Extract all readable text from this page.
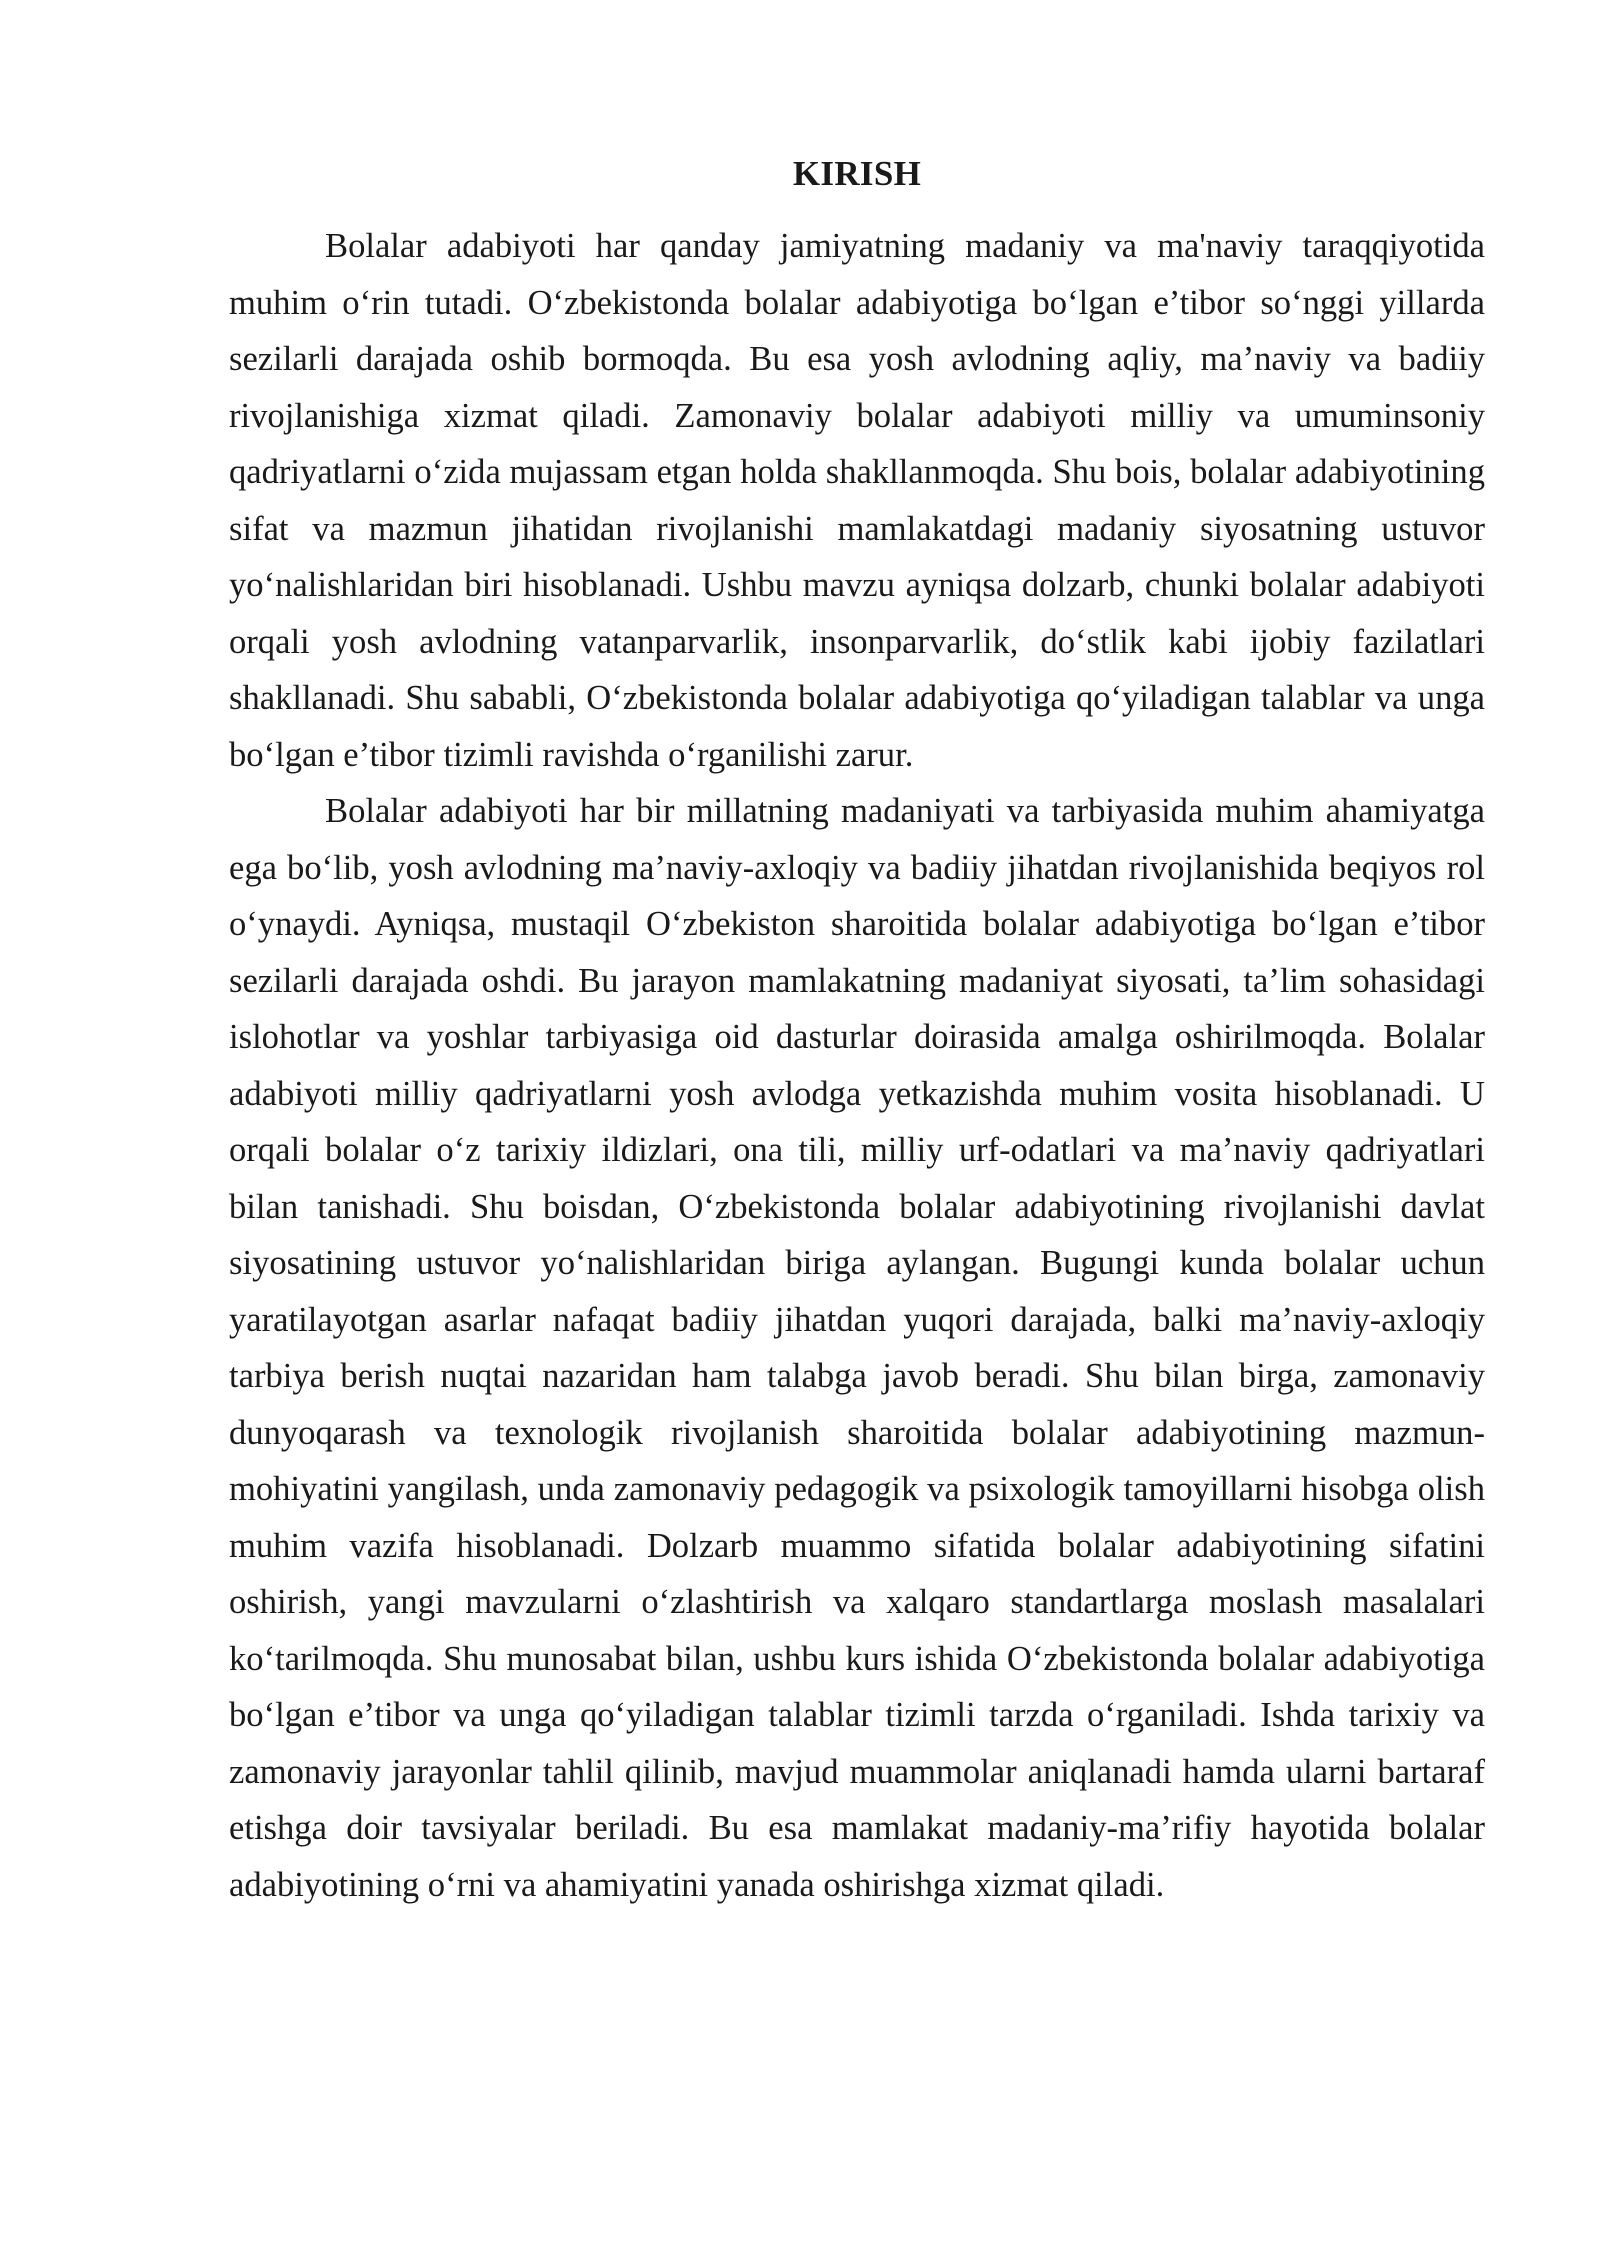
KIRISH

Bolalar adabiyoti har qanday jamiyatning madaniy va ma'naviy taraqqiyotida muhim o‘rin tutadi. O‘zbekistonda bolalar adabiyotiga bo‘lgan e’tibor so‘nggi yillarda sezilarli darajada oshib bormoqda. Bu esa yosh avlodning aqliy, ma’naviy va badiiy rivojlanishiga xizmat qiladi. Zamonaviy bolalar adabiyoti milliy va umuminsoniy qadriyatlarni o‘zida mujassam etgan holda shakllanmoqda. Shu bois, bolalar adabiyotining sifat va mazmun jihatidan rivojlanishi mamlakatdagi madaniy siyosatning ustuvor yo‘nalishlaridan biri hisoblanadi. Ushbu mavzu ayniqsa dolzarb, chunki bolalar adabiyoti orqali yosh avlodning vatanparvarlik, insonparvarlik, do‘stlik kabi ijobiy fazilatlari shakllanadi. Shu sababli, O‘zbekistonda bolalar adabiyotiga qo‘yiladigan talablar va unga bo‘lgan e’tibor tizimli ravishda o‘rganilishi zarur.

Bolalar adabiyoti har bir millatning madaniyati va tarbiyasida muhim ahamiyatga ega bo‘lib, yosh avlodning ma’naviy-axloqiy va badiiy jihatdan rivojlanishida beqiyos rol o‘ynaydi. Ayniqsa, mustaqil O‘zbekiston sharoitida bolalar adabiyotiga bo‘lgan e’tibor sezilarli darajada oshdi. Bu jarayon mamlakatning madaniyat siyosati, ta’lim sohasidagi islohotlar va yoshlar tarbiyasiga oid dasturlar doirasida amalga oshirilmoqda. Bolalar adabiyoti milliy qadriyatlarni yosh avlodga yetkazishda muhim vosita hisoblanadi. U orqali bolalar o‘z tarixiy ildizlari, ona tili, milliy urf-odatlari va ma’naviy qadriyatlari bilan tanishadi. Shu boisdan, O‘zbekistonda bolalar adabiyotining rivojlanishi davlat siyosatining ustuvor yo‘nalishlaridan biriga aylangan. Bugungi kunda bolalar uchun yaratilayotgan asarlar nafaqat badiiy jihatdan yuqori darajada, balki ma’naviy-axloqiy tarbiya berish nuqtai nazaridan ham talabga javob beradi. Shu bilan birga, zamonaviy dunyoqarash va texnologik rivojlanish sharoitida bolalar adabiyotining mazmun-mohiyatini yangilash, unda zamonaviy pedagogik va psixologik tamoyillarni hisobga olish muhim vazifa hisoblanadi. Dolzarb muammo sifatida bolalar adabiyotining sifatini oshirish, yangi mavzularni o‘zlashtirish va xalqaro standartlarga moslash masalalari ko‘tarilmoqda. Shu munosabat bilan, ushbu kurs ishida O‘zbekistonda bolalar adabiyotiga bo‘lgan e’tibor va unga qo‘yiladigan talablar tizimli tarzda o‘rganiladi. Ishda tarixiy va zamonaviy jarayonlar tahlil qilinib, mavjud muammolar aniqlanadi hamda ularni bartaraf etishga doir tavsiyalar beriladi. Bu esa mamlakat madaniy-ma’rifiy hayotida bolalar adabiyotining o‘rni va ahamiyatini yanada oshirishga xizmat qiladi.
